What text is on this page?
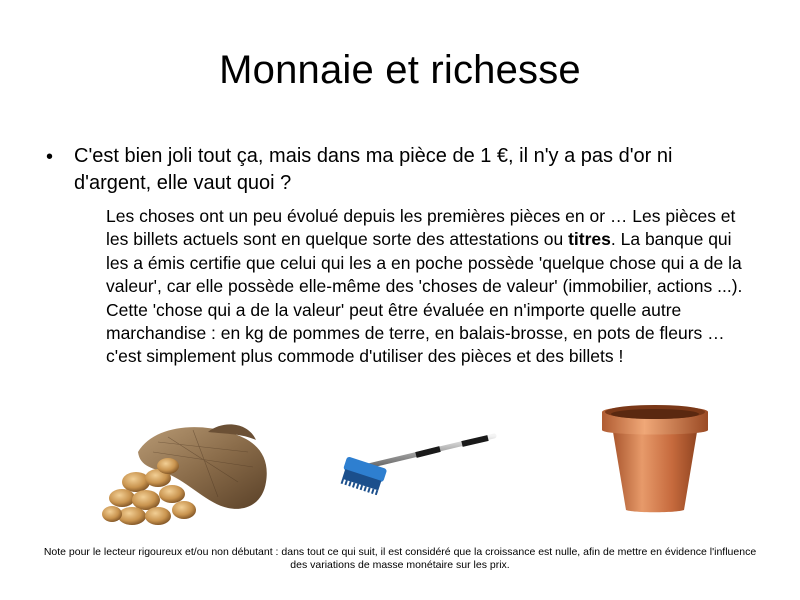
Monnaie et richesse
• C'est bien joli tout ça, mais dans ma pièce de 1 €, il n'y a pas d'or ni d'argent, elle vaut quoi ?

Les choses ont un peu évolué depuis les premières pièces en or … Les pièces et les billets actuels sont en quelque sorte des attestations ou titres. La banque qui les a émis certifie que celui qui les a en poche possède 'quelque chose qui a de la valeur', car elle possède elle-même des 'choses de valeur' (immobilier, actions ...). Cette 'chose qui a de la valeur' peut être évaluée en n'importe quelle autre marchandise : en kg de pommes de terre, en balais-brosse, en pots de fleurs … c'est simplement plus commode d'utiliser des pièces et des billets !

Note pour le lecteur rigoureux et/ou non débutant : dans tout ce qui suit, il est considéré que la croissance est nulle, afin de mettre en évidence l'influence des variations de masse monétaire sur les prix.
